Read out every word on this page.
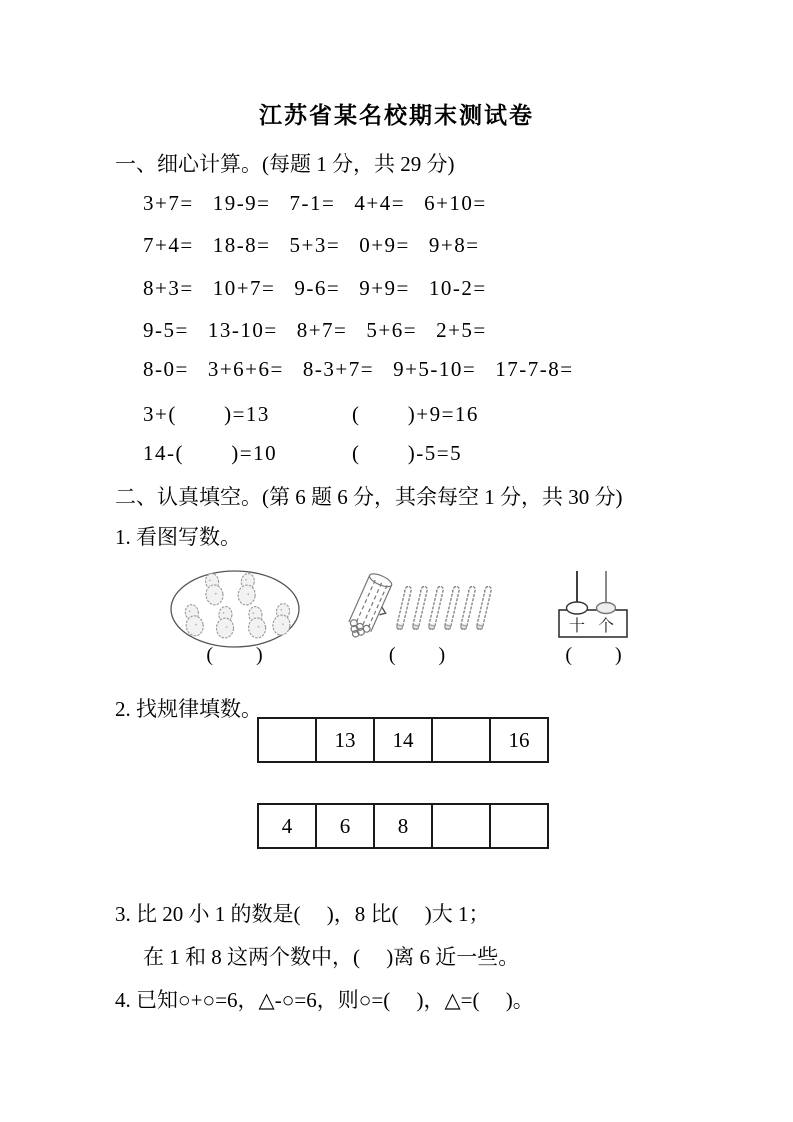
江苏省某名校期末测试卷
一、细心计算。(每题 1 分，共 29 分)
3+7= 19-9= 7-1= 4+4= 6+10=
7+4= 18-8= 5+3= 0+9= 9+8=
8+3= 10+7= 9-6= 9+9= 10-2=
9-5= 13-10= 8+7= 5+6= 2+5=
8-0= 3+6+6= 8-3+7= 9+5-10= 17-7-8=
3+(       )=13	(       )+9=16
14-(       )=10	(       )-5=5
二、认真填空。(第 6 题 6 分，其余每空 1 分，共 30 分)
1. 看图写数。
十 个
(       )	(       )	(       )
2. 找规律填数。
	13	14		16
4	6	8		
3. 比 20 小 1 的数是(     )，8 比(     )大 1；
在 1 和 8 这两个数中，(     )离 6 近一些。
4. 已知○+○=6，△-○=6，则○=(     )，△=(     )。
